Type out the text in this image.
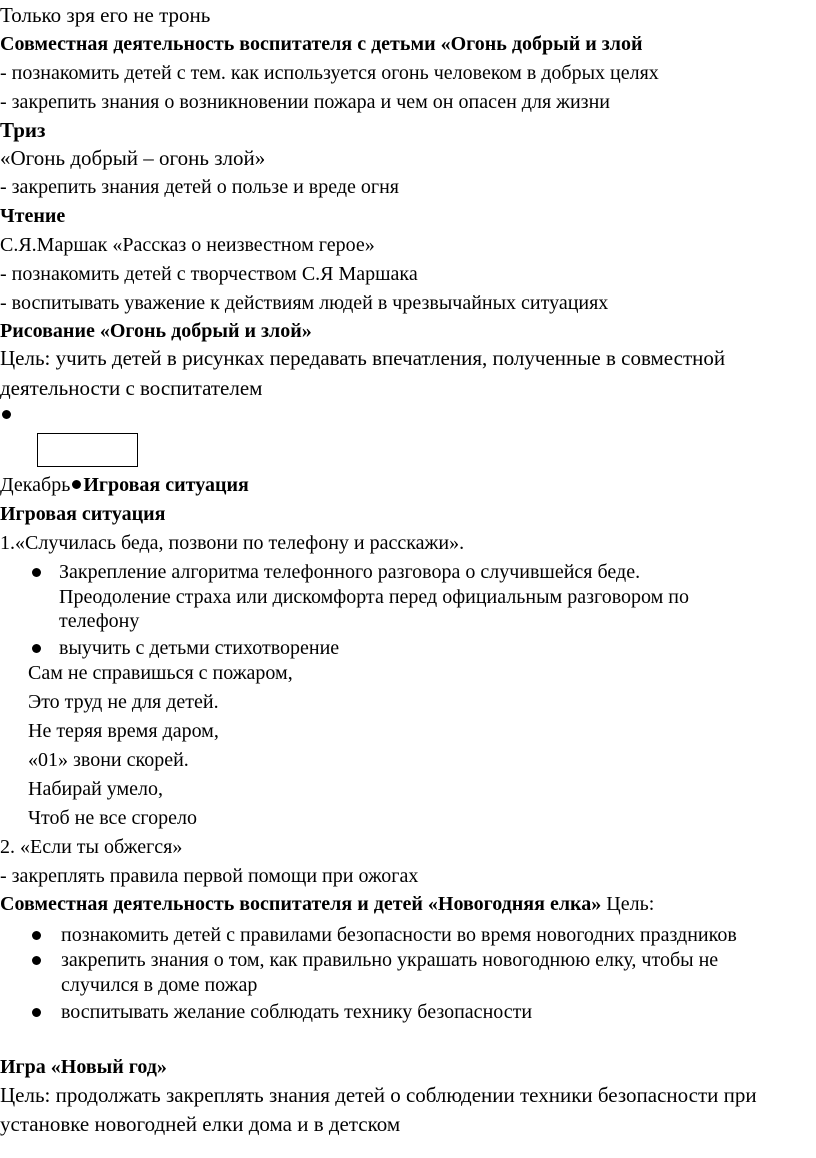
Только зря его не тронь
Совместная деятельность воспитателя с детьми «Огонь добрый и злой
- познакомить детей с тем. как используется огонь человеком в добрых целях
- закрепить знания о возникновении пожара и чем он опасен для жизни
Триз
«Огонь добрый – огонь злой»
- закрепить знания детей о пользе и вреде огня
Чтение
С.Я.Маршак «Рассказ о неизвестном герое»
- познакомить детей с творчеством С.Я Маршака
- воспитывать уважение к действиям людей в чрезвычайных ситуациях
Рисование «Огонь добрый и злой»
Цель: учить детей в рисунках передавать впечатления, полученные в совместной
деятельности с воспитателем
Декабрь Игровая ситуация
Игровая ситуация
1.«Случилась беда, позвони по телефону и расскажи».
Закрепление алгоритма телефонного разговора о случившейся беде.
Преодоление страха или дискомфорта перед официальным разговором по
телефону
выучить с детьми стихотворение
Сам не справишься с пожаром,
Это труд не для детей.
Не теряя время даром,
«01» звони скорей.
Набирай умело,
Чтоб не все сгорело
2. «Если ты обжегся»
- закреплять правила первой помощи при ожогах
Совместная деятельность воспитателя и детей «Новогодняя елка» Цель:
познакомить детей с правилами безопасности во время новогодних праздников
закрепить знания о том, как правильно украшать новогоднюю елку, чтобы не
случился в доме пожар
воспитывать желание соблюдать технику безопасности
Игра «Новый год»
Цель: продолжать закреплять знания детей о соблюдении техники безопасности при
установке новогодней елки дома и в детском
